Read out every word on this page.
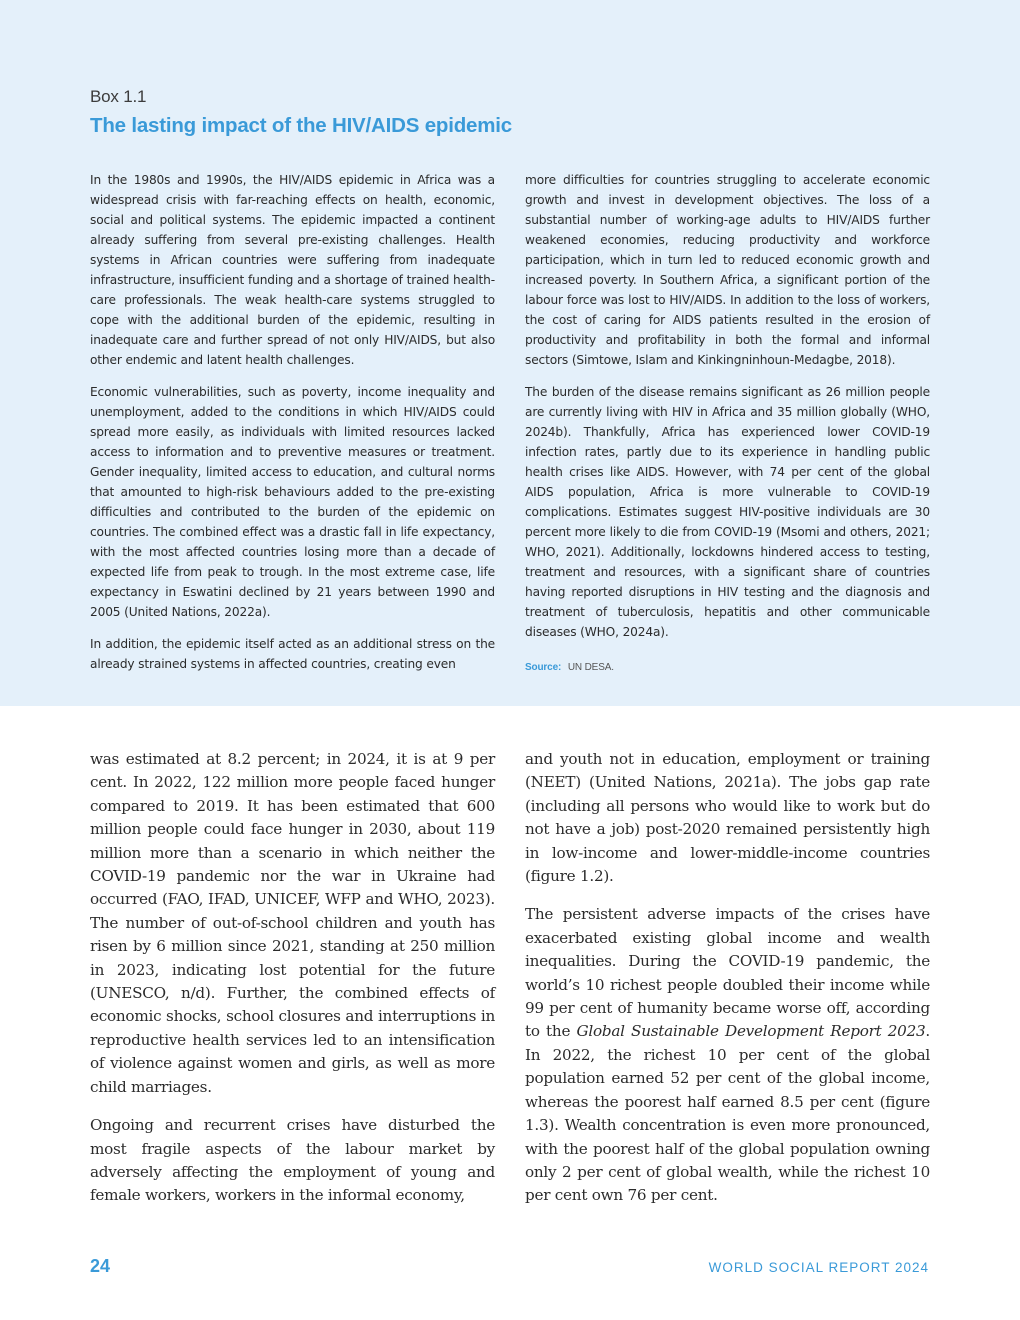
Box 1.1
The lasting impact of the HIV/AIDS epidemic

In the 1980s and 1990s, the HIV/AIDS epidemic in Africa was a widespread crisis with far-reaching effects on health, economic, social and political systems. The epidemic impacted a continent already suffering from several pre-existing challenges. Health systems in African countries were suffering from inadequate infrastructure, insufficient funding and a shortage of trained health-care professionals. The weak health-care systems struggled to cope with the additional burden of the epidemic, resulting in inadequate care and further spread of not only HIV/AIDS, but also other endemic and latent health challenges.

Economic vulnerabilities, such as poverty, income inequality and unemployment, added to the conditions in which HIV/AIDS could spread more easily, as individuals with limited resources lacked access to information and to preventive measures or treatment. Gender inequality, limited access to education, and cultural norms that amounted to high-risk behaviours added to the pre-existing difficulties and contributed to the burden of the epidemic on countries. The combined effect was a drastic fall in life expectancy, with the most affected countries losing more than a decade of expected life from peak to trough. In the most extreme case, life expectancy in Eswatini declined by 21 years between 1990 and 2005 (United Nations, 2022a).

In addition, the epidemic itself acted as an additional stress on the already strained systems in affected countries, creating even

more difficulties for countries struggling to accelerate economic growth and invest in development objectives. The loss of a substantial number of working-age adults to HIV/AIDS further weakened economies, reducing productivity and workforce participation, which in turn led to reduced economic growth and increased poverty. In Southern Africa, a significant portion of the labour force was lost to HIV/AIDS. In addition to the loss of workers, the cost of caring for AIDS patients resulted in the erosion of productivity and profitability in both the formal and informal sectors (Simtowe, Islam and Kinkingninhoun-Medagbe, 2018).

The burden of the disease remains significant as 26 million people are currently living with HIV in Africa and 35 million globally (WHO, 2024b). Thankfully, Africa has experienced lower COVID-19 infection rates, partly due to its experience in handling public health crises like AIDS. However, with 74 per cent of the global AIDS population, Africa is more vulnerable to COVID-19 complications. Estimates suggest HIV-positive individuals are 30 percent more likely to die from COVID-19 (Msomi and others, 2021; WHO, 2021). Additionally, lockdowns hindered access to testing, treatment and resources, with a significant share of countries having reported disruptions in HIV testing and the diagnosis and treatment of tuberculosis, hepatitis and other communicable diseases (WHO, 2024a).

Source: UN DESA.

was estimated at 8.2 percent; in 2024, it is at 9 per cent. In 2022, 122 million more people faced hunger compared to 2019. It has been estimated that 600 million people could face hunger in 2030, about 119 million more than a scenario in which neither the COVID-19 pandemic nor the war in Ukraine had occurred (FAO, IFAD, UNICEF, WFP and WHO, 2023). The number of out-of-school children and youth has risen by 6 million since 2021, standing at 250 million in 2023, indicating lost potential for the future (UNESCO, n/d). Further, the combined effects of economic shocks, school closures and interruptions in reproductive health services led to an intensification of violence against women and girls, as well as more child marriages.

Ongoing and recurrent crises have disturbed the most fragile aspects of the labour market by adversely affecting the employment of young and female workers, workers in the informal economy,

and youth not in education, employment or training (NEET) (United Nations, 2021a). The jobs gap rate (including all persons who would like to work but do not have a job) post-2020 remained persistently high in low-income and lower-middle-income countries (figure 1.2).

The persistent adverse impacts of the crises have exacerbated existing global income and wealth inequalities. During the COVID-19 pandemic, the world’s 10 richest people doubled their income while 99 per cent of humanity became worse off, according to the Global Sustainable Development Report 2023. In 2022, the richest 10 per cent of the global population earned 52 per cent of the global income, whereas the poorest half earned 8.5 per cent (figure 1.3). Wealth concentration is even more pronounced, with the poorest half of the global population owning only 2 per cent of global wealth, while the richest 10 per cent own 76 per cent.

24	WORLD SOCIAL REPORT 2024
